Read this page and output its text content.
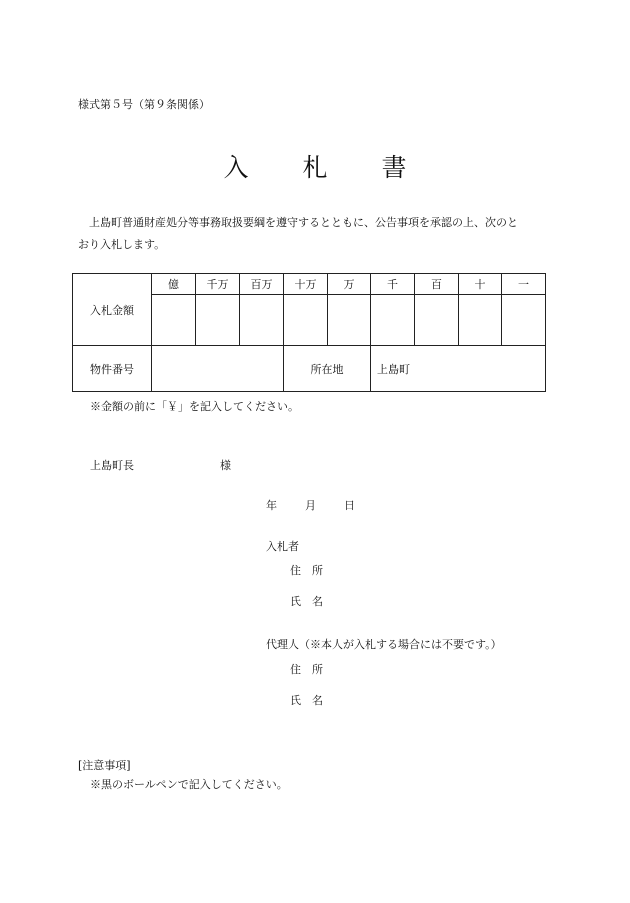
様式第５号（第９条関係）
入 札 書
上島町普通財産処分等事務取扱要綱を遵守するとともに、公告事項を承認の上、次のと
おり入札します。
入札金額	億	千万	百万	十万	万	千	百	十	一

物件番号				所在地		上島町			
※金額の前に「￥」を記入してください。
上島町長	様
年	月	日
入札者
住　所
氏　名
代理人（※本人が入札する場合には不要です。）
住　所
氏　名
[注意事項]
※黒のボールペンで記入してください。
